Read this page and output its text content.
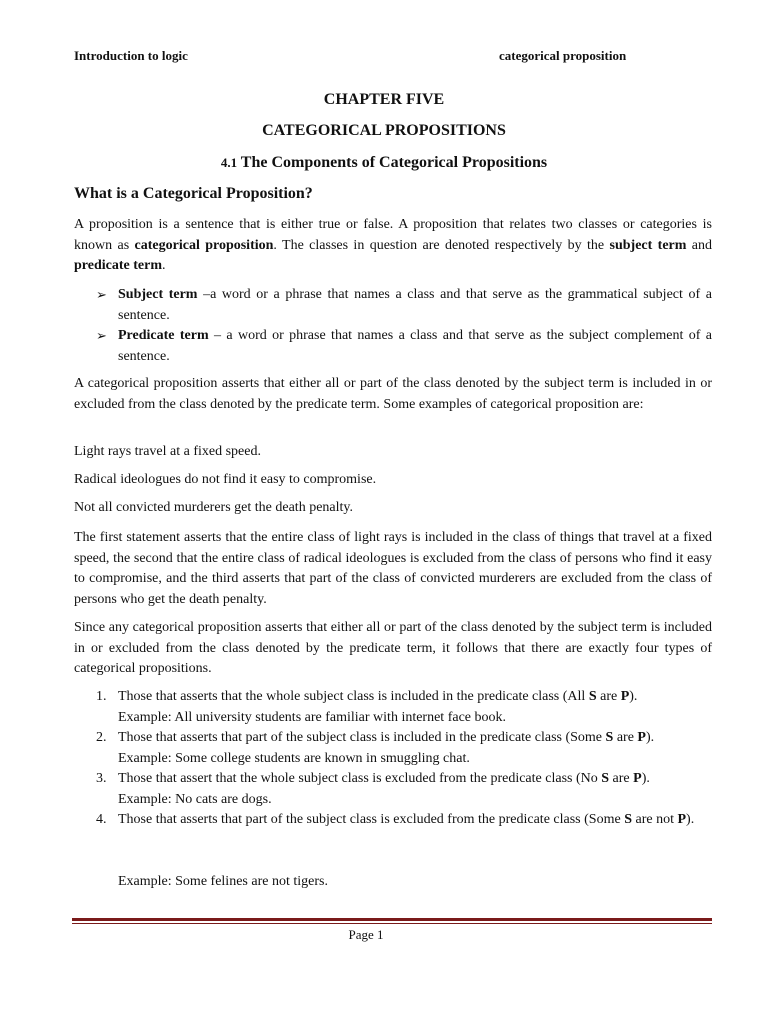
Introduction to logic	categorical proposition
CHAPTER FIVE
CATEGORICAL PROPOSITIONS
4.1 The Components of Categorical Propositions
What is a Categorical Proposition?

A proposition is a sentence that is either true or false. A proposition that relates two classes or categories is known as categorical proposition. The classes in question are denoted respectively by the subject term and predicate term.

➢ Subject term –a word or a phrase that names a class and that serve as the grammatical subject of a sentence.
➢ Predicate term – a word or phrase that names a class and that serve as the subject complement of a sentence.

A categorical proposition asserts that either all or part of the class denoted by the subject term is included in or excluded from the class denoted by the predicate term. Some examples of categorical proposition are:

Light rays travel at a fixed speed.
Radical ideologues do not find it easy to compromise.
Not all convicted murderers get the death penalty.

The first statement asserts that the entire class of light rays is included in the class of things that travel at a fixed speed, the second that the entire class of radical ideologues is excluded from the class of persons who find it easy to compromise, and the third asserts that part of the class of convicted murderers are excluded from the class of persons who get the death penalty.

Since any categorical proposition asserts that either all or part of the class denoted by the subject term is included in or excluded from the class denoted by the predicate term, it follows that there are exactly four types of categorical propositions.

1. Those that asserts that the whole subject class is included in the predicate class (All S are P).
Example: All university students are familiar with internet face book.
2. Those that asserts that part of the subject class is included in the predicate class (Some S are P).
Example: Some college students are known in smuggling chat.
3. Those that assert that the whole subject class is excluded from the predicate class (No S are P).
Example: No cats are dogs.
4. Those that asserts that part of the subject class is excluded from the predicate class (Some S are not P).
Example: Some felines are not tigers.
Page 1
